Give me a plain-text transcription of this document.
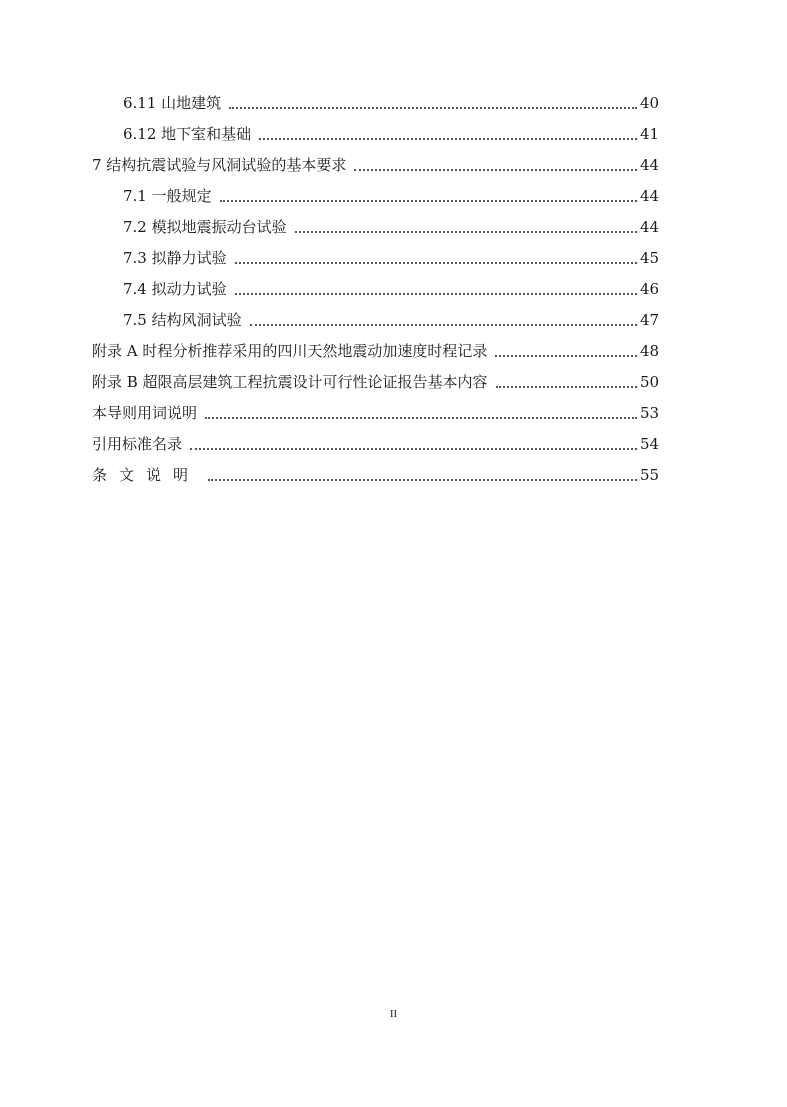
6.11 山地建筑	40
6.12 地下室和基础	41
7 结构抗震试验与风洞试验的基本要求	44
7.1 一般规定	44
7.2 模拟地震振动台试验	44
7.3 拟静力试验	45
7.4 拟动力试验	46
7.5 结构风洞试验	47
附录 A 时程分析推荐采用的四川天然地震动加速度时程记录	48
附录 B 超限高层建筑工程抗震设计可行性论证报告基本内容	50
本导则用词说明	53
引用标准名录	54
条文说明	55
II
